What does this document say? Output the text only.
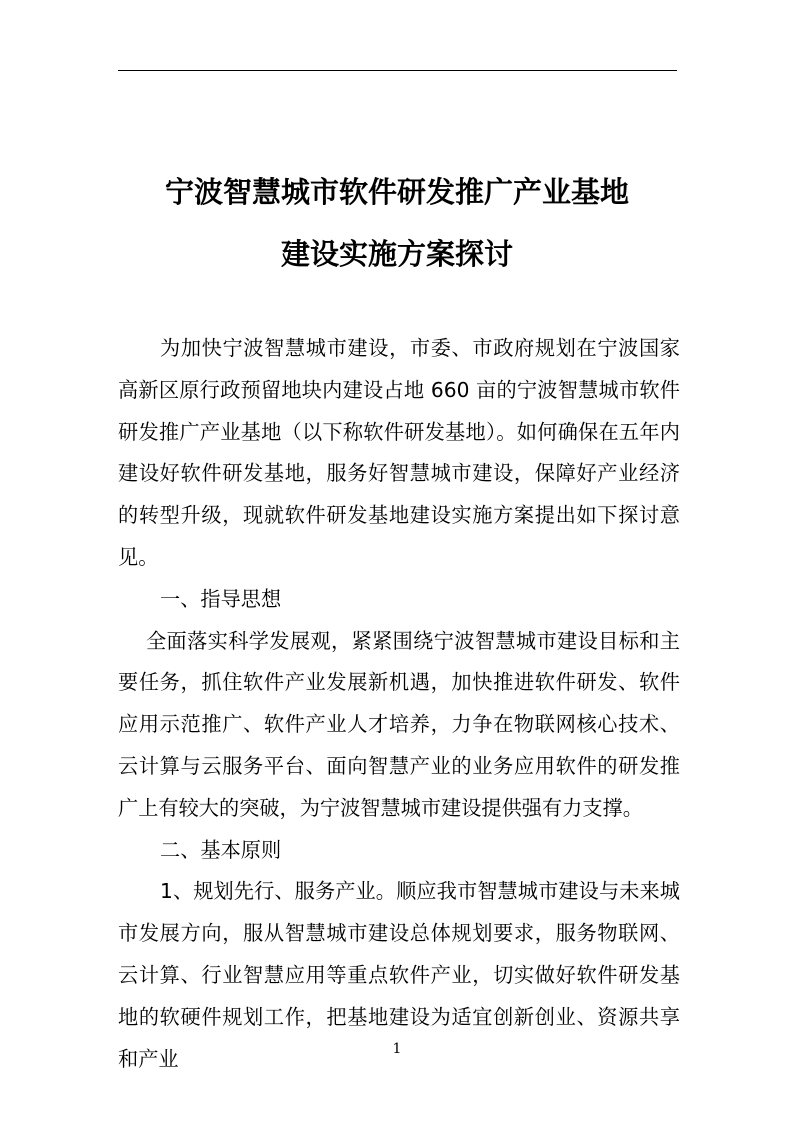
宁波智慧城市软件研发推广产业基地
建设实施方案探讨

为加快宁波智慧城市建设，市委、市政府规划在宁波国家高新区原行政预留地块内建设占地 660 亩的宁波智慧城市软件研发推广产业基地（以下称软件研发基地）。如何确保在五年内建设好软件研发基地，服务好智慧城市建设，保障好产业经济的转型升级，现就软件研发基地建设实施方案提出如下探讨意见。

一、指导思想

全面落实科学发展观，紧紧围绕宁波智慧城市建设目标和主要任务，抓住软件产业发展新机遇，加快推进软件研发、软件应用示范推广、软件产业人才培养，力争在物联网核心技术、云计算与云服务平台、面向智慧产业的业务应用软件的研发推广上有较大的突破，为宁波智慧城市建设提供强有力支撑。

二、基本原则

1、规划先行、服务产业。顺应我市智慧城市建设与未来城市发展方向，服从智慧城市建设总体规划要求，服务物联网、云计算、行业智慧应用等重点软件产业，切实做好软件研发基地的软硬件规划工作，把基地建设为适宜创新创业、资源共享和产业	1
